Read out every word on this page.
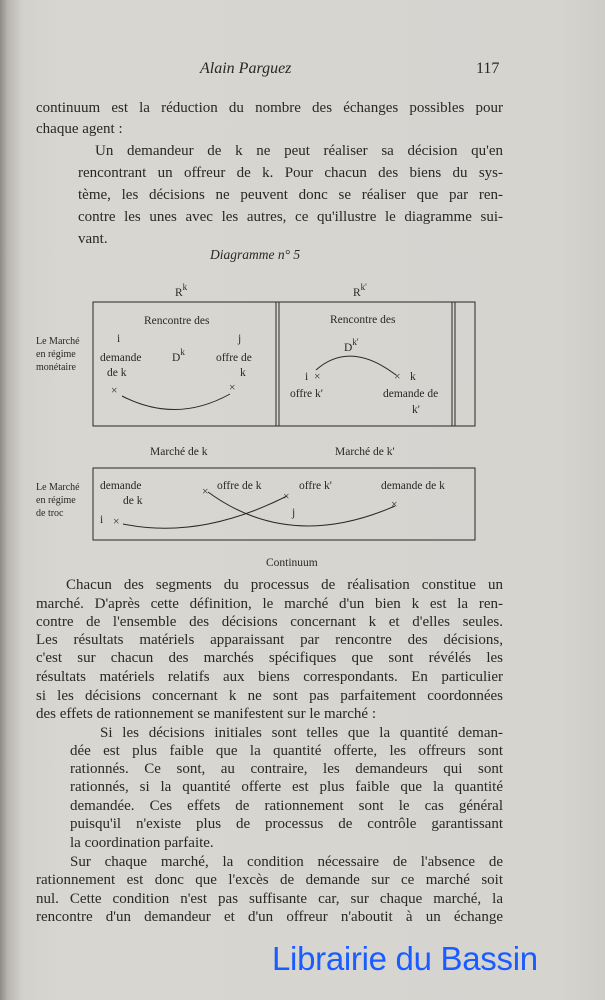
Alain Parguez	117
continuum est la réduction du nombre des échanges possibles pour
chaque agent :
Un demandeur de k ne peut réaliser sa décision qu'en
rencontrant un offreur de k. Pour chacun des biens du sys-
tème, les décisions ne peuvent donc se réaliser que par ren-
contre les unes avec les autres, ce qu'illustre le diagramme sui-
vant.
Diagramme n° 5
$R^k$	$R^{k'}$
Le Marché
en régime
monétaire
Le Marché
en régime
de troc
Rencontre des
i	j
demande
de k
$D^k$	offre de
k
×	×
Rencontre des
$D^{k'}$
i ×	× k
offre k'	demande de
k'
Marché de k	Marché de k'
demande
de k
i ×
× offre de k	offre k'
×
j
demande de k
×
Continuum
Chacun des segments du processus de réalisation constitue un
marché. D'après cette définition, le marché d'un bien k est la ren-
contre de l'ensemble des décisions concernant k et d'elles seules.
Les résultats matériels apparaissant par rencontre des décisions,
c'est sur chacun des marchés spécifiques que sont révélés les
résultats matériels relatifs aux biens correspondants. En particulier
si les décisions concernant k ne sont pas parfaitement coordonnées
des effets de rationnement se manifestent sur le marché :
Si les décisions initiales sont telles que la quantité deman-
dée est plus faible que la quantité offerte, les offreurs sont
rationnés. Ce sont, au contraire, les demandeurs qui sont
rationnés, si la quantité offerte est plus faible que la quantité
demandée. Ces effets de rationnement sont le cas général
puisqu'il n'existe plus de processus de contrôle garantissant
la coordination parfaite.
Sur chaque marché, la condition nécessaire de l'absence de
rationnement est donc que l'excès de demande sur ce marché soit
nul. Cette condition n'est pas suffisante car, sur chaque marché, la
rencontre d'un demandeur et d'un offreur n'aboutit à un échange
Librairie du Bassin
